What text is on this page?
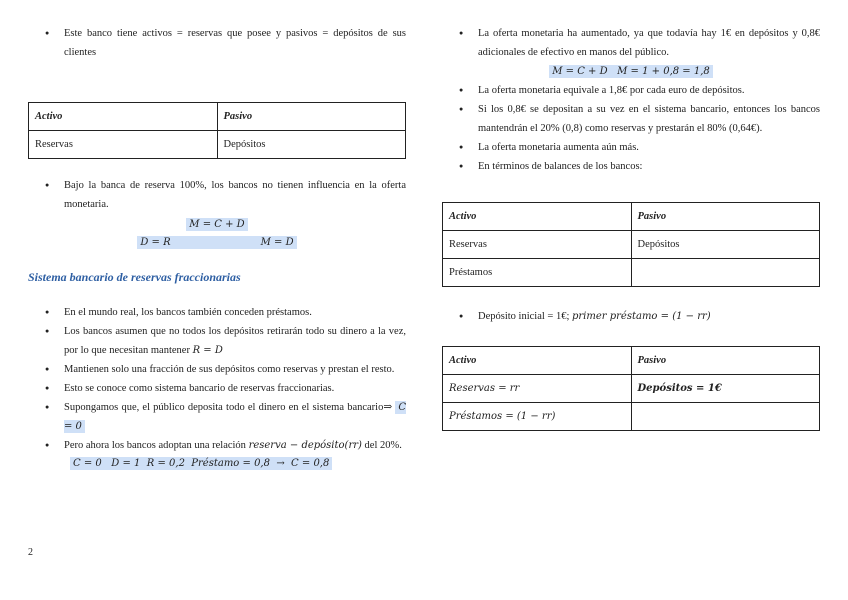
● Este banco tiene activos = reservas que posee y pasivos = depósitos de sus clientes
Activo	Pasivo
Reservas	Depósitos
● Bajo la banca de reserva 100%, los bancos no tienen influencia en la oferta monetaria.
M = C + D
D = R	M = D
Sistema bancario de reservas fraccionarias
● En el mundo real, los bancos también conceden préstamos.
● Los bancos asumen que no todos los depósitos retirarán todo su dinero a la vez, por lo que necesitan mantener R = D
● Mantienen solo una fracción de sus depósitos como reservas y prestan el resto.
● Esto se conoce como sistema bancario de reservas fraccionarias.
● Supongamos que, el público deposita todo el dinero en el sistema bancario⇒ C = 0
● Pero ahora los bancos adoptan una relación reserva − depósito(rr) del 20%.
C = 0   D = 1  R = 0,2  Préstamo = 0,8  →  C = 0,8
2
● La oferta monetaria ha aumentado, ya que todavía hay 1€ en depósitos y 0,8€ adicionales de efectivo en manos del público.
M = C + D   M = 1 + 0,8 = 1,8
● La oferta monetaria equivale a 1,8€ por cada euro de depósitos.
● Si los 0,8€ se depositan a su vez en el sistema bancario, entonces los bancos mantendrán el 20% (0,8) como reservas y prestarán el 80% (0,64€).
● La oferta monetaria aumenta aún más.
● En términos de balances de los bancos:
Activo	Pasivo
Reservas	Depósitos
Préstamos	
● Depósito inicial = 1€; primer préstamo = (1 − rr)
Activo	Pasivo
Reservas = rr	Depósitos = 1€
Préstamos = (1 − rr)	
